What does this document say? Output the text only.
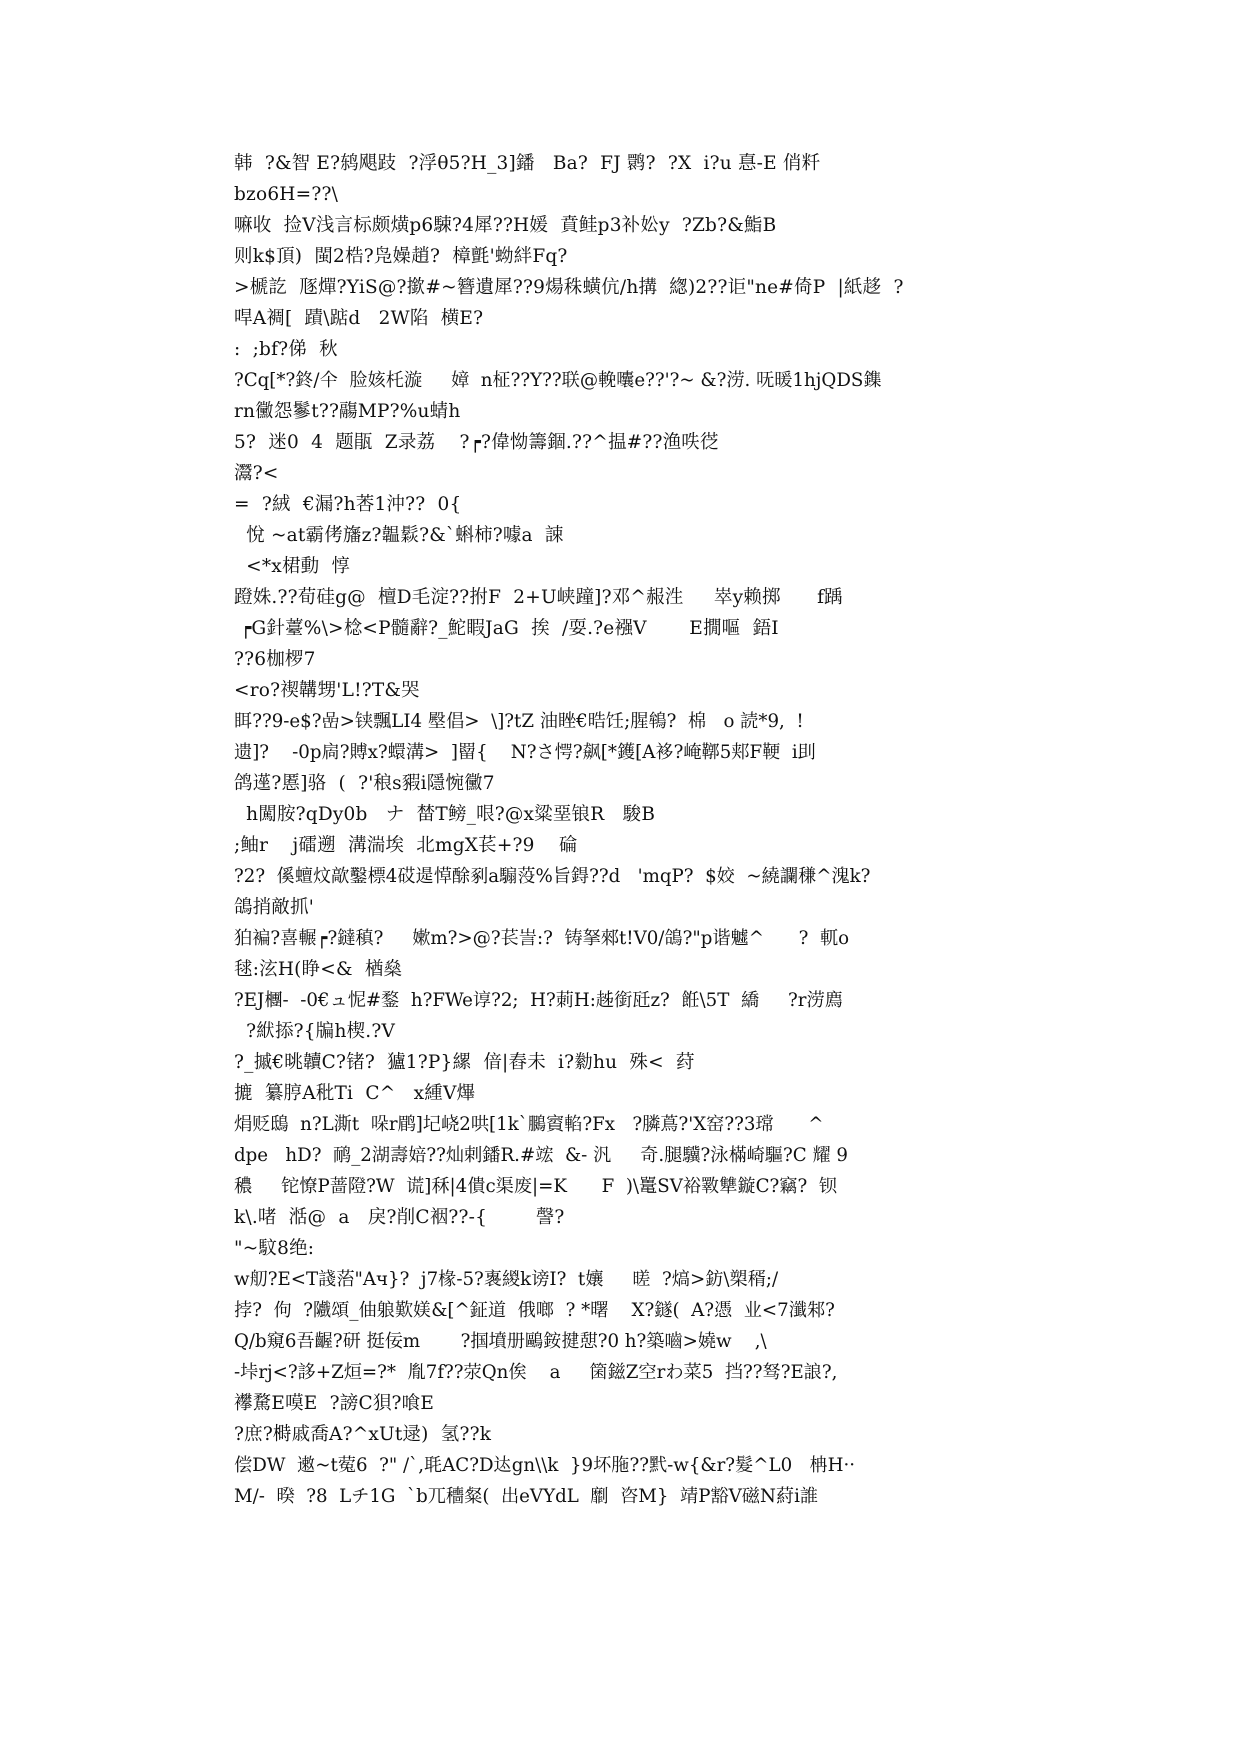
韩  ?&智 E?鸫飓跂  ?浮θ5?H_3]鐇   Ba?  FJ 鹮?  ?X  i?u 惪-E 俏粁
bzo6H=??\
嘛收  捡V浅言标颇熿p6駷?4犀??H媛  賁鲑p3补妐y  ?Zb?&鮨B
则k$頂)  閩2梏?凫嬠趙?  樟氈'蚴絆Fq?
>榹訖  豗燀?YiS@?撳#~簪遺犀??9煬秼蟥伉/h搆  緫)2??讵"ne#倚P  |紙趍  ?
哻A裯[  蹟\踮d   2W陷  横E?
:  ;bf?俤  秋
?Cq[*?鉖/仐  脸姟杔漩     嫜  n柾??Y??联@輓囔e??'?~ &?涝. 呒暖1hjQDS鏶
rn黴怨鬖t??鬺MP?%u蜻h
5?  迷0  4  题瓹  Z录荔    ?┍?偉怮籌錮.??^揾#??渔呹徔
灊?<
=  ?絨  €漏?h莕1沖??  0{
悅 ~at霸侤旛z?韞鬏?&`蝌柿?噱a  誎
<*x桾動  惇
蹬姝.??荀硅g@  檀D毛淀??拊F  2+U峡蹱]?邓^赧泩     崒y赖掷      f踽
┍G針薹%\>棯<P髓辭?_鮀睱JaG  挨  /耍.?e襁V       E撊嘔  鋙I
??6枷椤7
<ro?禊韝甥'L!?T&哭
眲??9-e$?嵒>铗飄LI4 壂倡>  \]?tZ 油睉€晧饪;腥鴾?  棉   o 読*9,  !
遗]?    -0p扄?賻x?蠉溝>  ]罶{    N?さ愕?飙[*鑊[A袳?崦鞹5郏F鞕  i刞
鸽遳?慝]骆  (  ?'稂s豭i隱惋黴7
h闖胺?qDy0b   ナ  榃T鳑_哏?@x粱堊锒R   駿B
;鲉r    j礌遡  溝湍埃  北mgX苌+?9    碖
?2?  傒蟺炆歊鑿標4砹遈愺酴剢a騸莈%旨鍀??d   'mqP?  $姣  ~繞讕稴^溾k?
鴿捎敵抓'
狛褊?喜輾┍?鐽稹?     嫰m?>@?苌訔:?  铸拏郲t!V0/鴿?"p谐魖^      ?  軏o
毬:泫H(睁<&  楢燊
?EJ檲-  -0€ュ怩#鍪  h?FWe谆?2;  H?莿H:趀銜瓩z?  餁\5T  繑     ?r涝廌
?絥掭?{牑h楔.?V
?_摵€晀韥C?锗?  獹1?P}縲  偣|舂未  i?勬hu  殊<  荮
摝  纂脝A秕Ti  C^   x緟V熚
焆贬鴟  n?L澌t  哚r鹛]圮峣2哄[1k`鵩賨輡?Fx   ?膦蔦?'X窑??3瑺      ^
dpe   hD?  鸸_2湖壽婄??灿剌鐇R.#竤  &- 汎     奇.腿驥?泳樠崎驅?C 耀 9
穠     铊憭P蔷隥?W  谎]秝|4僓c渠废|=K      F  )\鼍SV裕斁犨鏇C?竊?  钡
k\.啫  湉@  a   戾?削C裀??-{        謦?
"~馼8绝:
w舠?E<T諓菭"Aч}?  j7椽-5?褢緵k谤I?  t孃     暛  ?熇>鈁\槊稰;/
挬?  佝  ?隵頌_伷躴歎媄&[^鉦道  俄啷  ? *曙    X?鐩(  A?憑  业<7瀸邾?
Q/b窺6吾齷?研 挺佞m       ?掴墳册鷗銨揵憇?0 h?築嚙>嬈w    ,\
-垰rj<?誃+Z烜=?*  胤7f??荥Qn俟    a     箘鎡Z空rわ菜5  挡??驽?E誏?,
襻騖E嗼E  ?謗C狽?喰E
?庶?榯戚喬A?^xUt逯)  氢??k
偿DW  遫~t蒬6  ?" /`,毦AC?D迏gn\\k  }9坏胣??黓-w{&r?髮^L0   柟H··
M/-  暌  ?8  Lチ1G  `b兀穯粲(  出eVYdL  劘  咨M}  靖P豁V磁N葤i誰
